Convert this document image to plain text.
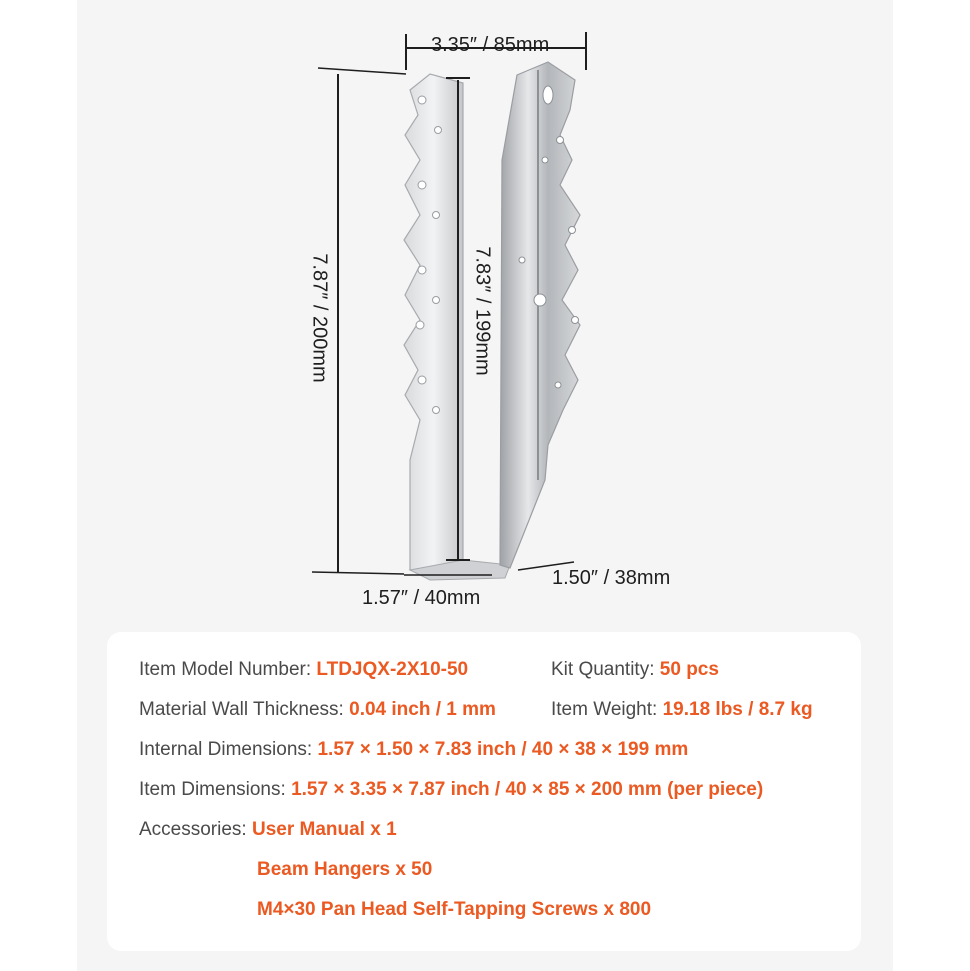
3.35″ / 85mm
7.87″ / 200mm	7.83″ / 199mm
1.57″ / 40mm
1.50″ / 38mm
Item Model Number: LTDJQX-2X10-50	Kit Quantity: 50 pcs
Material Wall Thickness: 0.04 inch / 1 mm	Item Weight: 19.18 lbs / 8.7 kg
Internal Dimensions: 1.57 × 1.50 × 7.83 inch / 40 × 38 × 199 mm
Item Dimensions: 1.57 × 3.35 × 7.87 inch / 40 × 85 × 200 mm (per piece)
Accessories: User Manual x 1
Beam Hangers x 50
M4×30 Pan Head Self-Tapping Screws x 800
